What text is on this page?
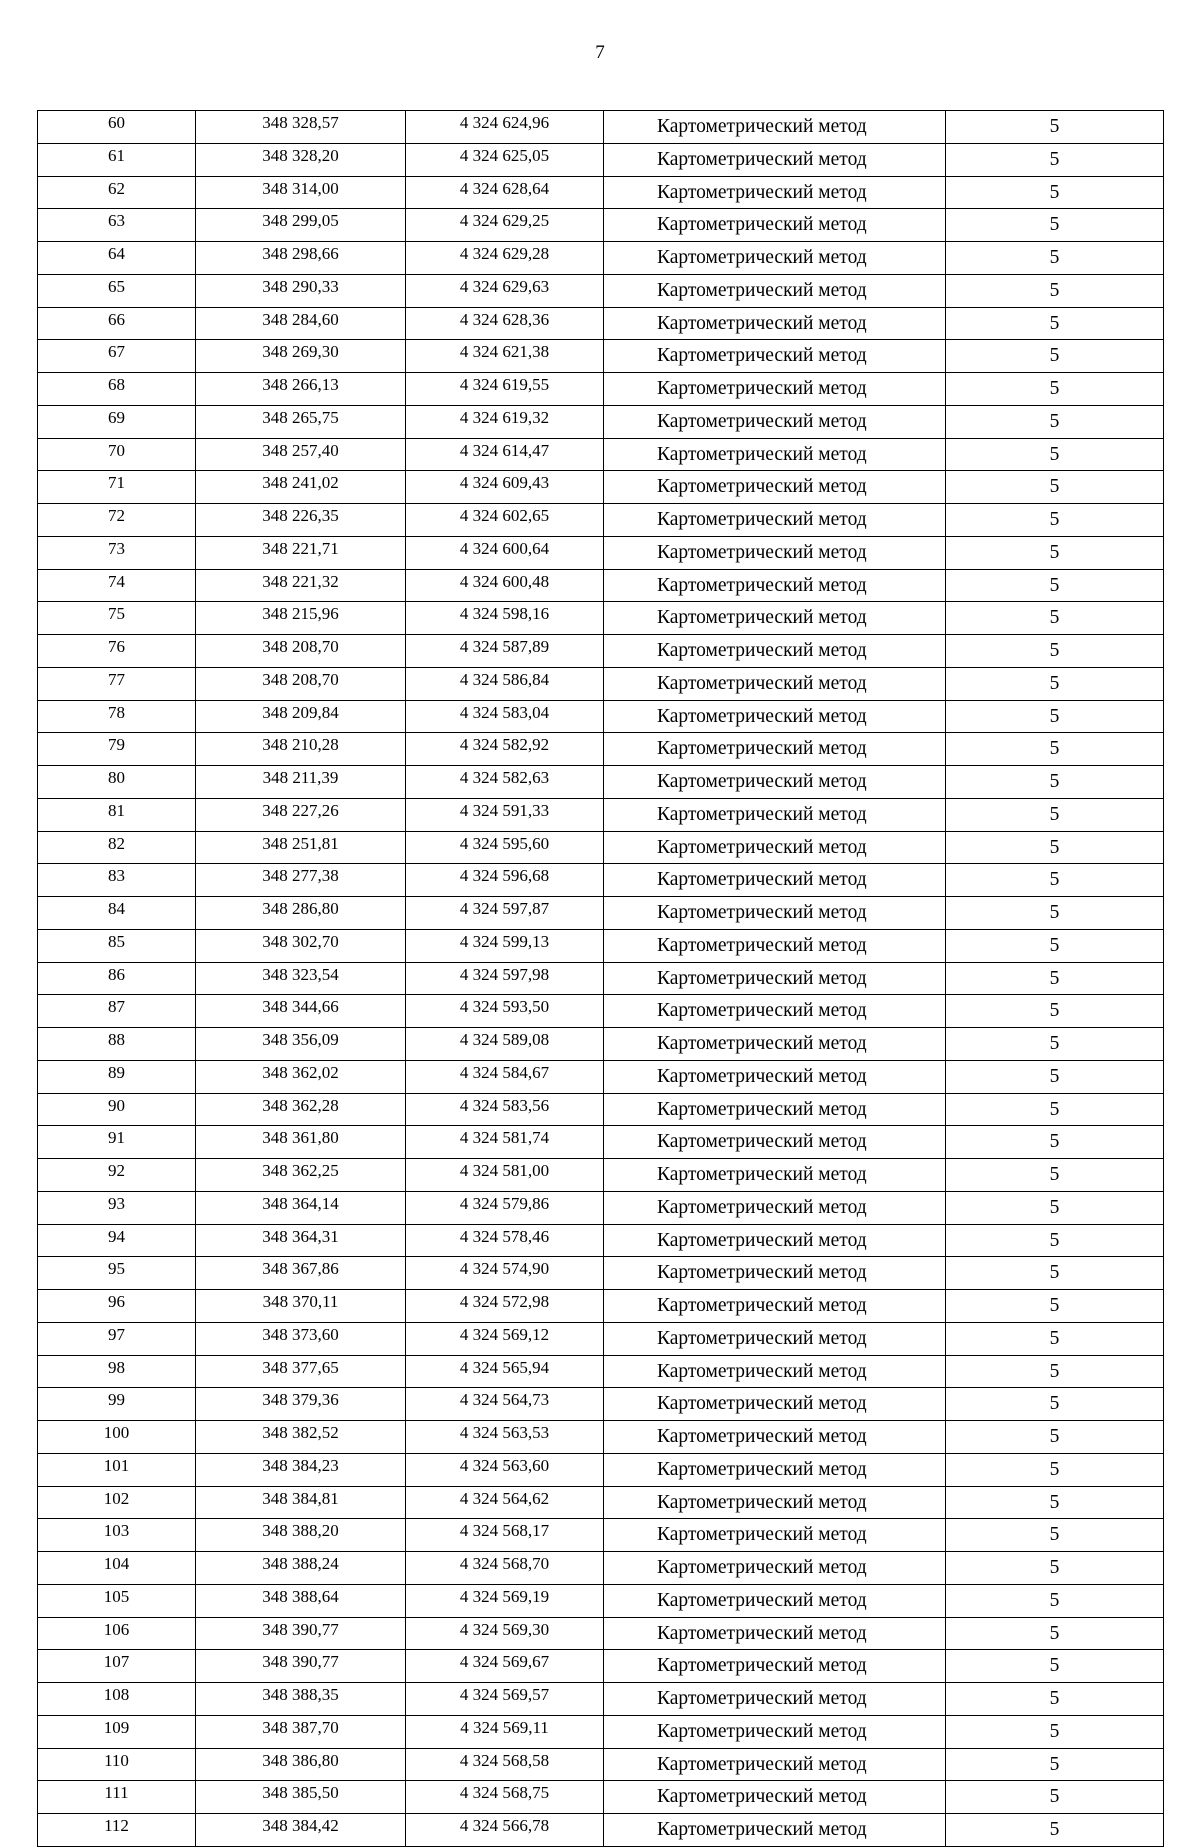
7
60	348 328,57	4 324 624,96	Картометрический метод	5
61	348 328,20	4 324 625,05	Картометрический метод	5
62	348 314,00	4 324 628,64	Картометрический метод	5
63	348 299,05	4 324 629,25	Картометрический метод	5
64	348 298,66	4 324 629,28	Картометрический метод	5
65	348 290,33	4 324 629,63	Картометрический метод	5
66	348 284,60	4 324 628,36	Картометрический метод	5
67	348 269,30	4 324 621,38	Картометрический метод	5
68	348 266,13	4 324 619,55	Картометрический метод	5
69	348 265,75	4 324 619,32	Картометрический метод	5
70	348 257,40	4 324 614,47	Картометрический метод	5
71	348 241,02	4 324 609,43	Картометрический метод	5
72	348 226,35	4 324 602,65	Картометрический метод	5
73	348 221,71	4 324 600,64	Картометрический метод	5
74	348 221,32	4 324 600,48	Картометрический метод	5
75	348 215,96	4 324 598,16	Картометрический метод	5
76	348 208,70	4 324 587,89	Картометрический метод	5
77	348 208,70	4 324 586,84	Картометрический метод	5
78	348 209,84	4 324 583,04	Картометрический метод	5
79	348 210,28	4 324 582,92	Картометрический метод	5
80	348 211,39	4 324 582,63	Картометрический метод	5
81	348 227,26	4 324 591,33	Картометрический метод	5
82	348 251,81	4 324 595,60	Картометрический метод	5
83	348 277,38	4 324 596,68	Картометрический метод	5
84	348 286,80	4 324 597,87	Картометрический метод	5
85	348 302,70	4 324 599,13	Картометрический метод	5
86	348 323,54	4 324 597,98	Картометрический метод	5
87	348 344,66	4 324 593,50	Картометрический метод	5
88	348 356,09	4 324 589,08	Картометрический метод	5
89	348 362,02	4 324 584,67	Картометрический метод	5
90	348 362,28	4 324 583,56	Картометрический метод	5
91	348 361,80	4 324 581,74	Картометрический метод	5
92	348 362,25	4 324 581,00	Картометрический метод	5
93	348 364,14	4 324 579,86	Картометрический метод	5
94	348 364,31	4 324 578,46	Картометрический метод	5
95	348 367,86	4 324 574,90	Картометрический метод	5
96	348 370,11	4 324 572,98	Картометрический метод	5
97	348 373,60	4 324 569,12	Картометрический метод	5
98	348 377,65	4 324 565,94	Картометрический метод	5
99	348 379,36	4 324 564,73	Картометрический метод	5
100	348 382,52	4 324 563,53	Картометрический метод	5
101	348 384,23	4 324 563,60	Картометрический метод	5
102	348 384,81	4 324 564,62	Картометрический метод	5
103	348 388,20	4 324 568,17	Картометрический метод	5
104	348 388,24	4 324 568,70	Картометрический метод	5
105	348 388,64	4 324 569,19	Картометрический метод	5
106	348 390,77	4 324 569,30	Картометрический метод	5
107	348 390,77	4 324 569,67	Картометрический метод	5
108	348 388,35	4 324 569,57	Картометрический метод	5
109	348 387,70	4 324 569,11	Картометрический метод	5
110	348 386,80	4 324 568,58	Картометрический метод	5
111	348 385,50	4 324 568,75	Картометрический метод	5
112	348 384,42	4 324 566,78	Картометрический метод	5
